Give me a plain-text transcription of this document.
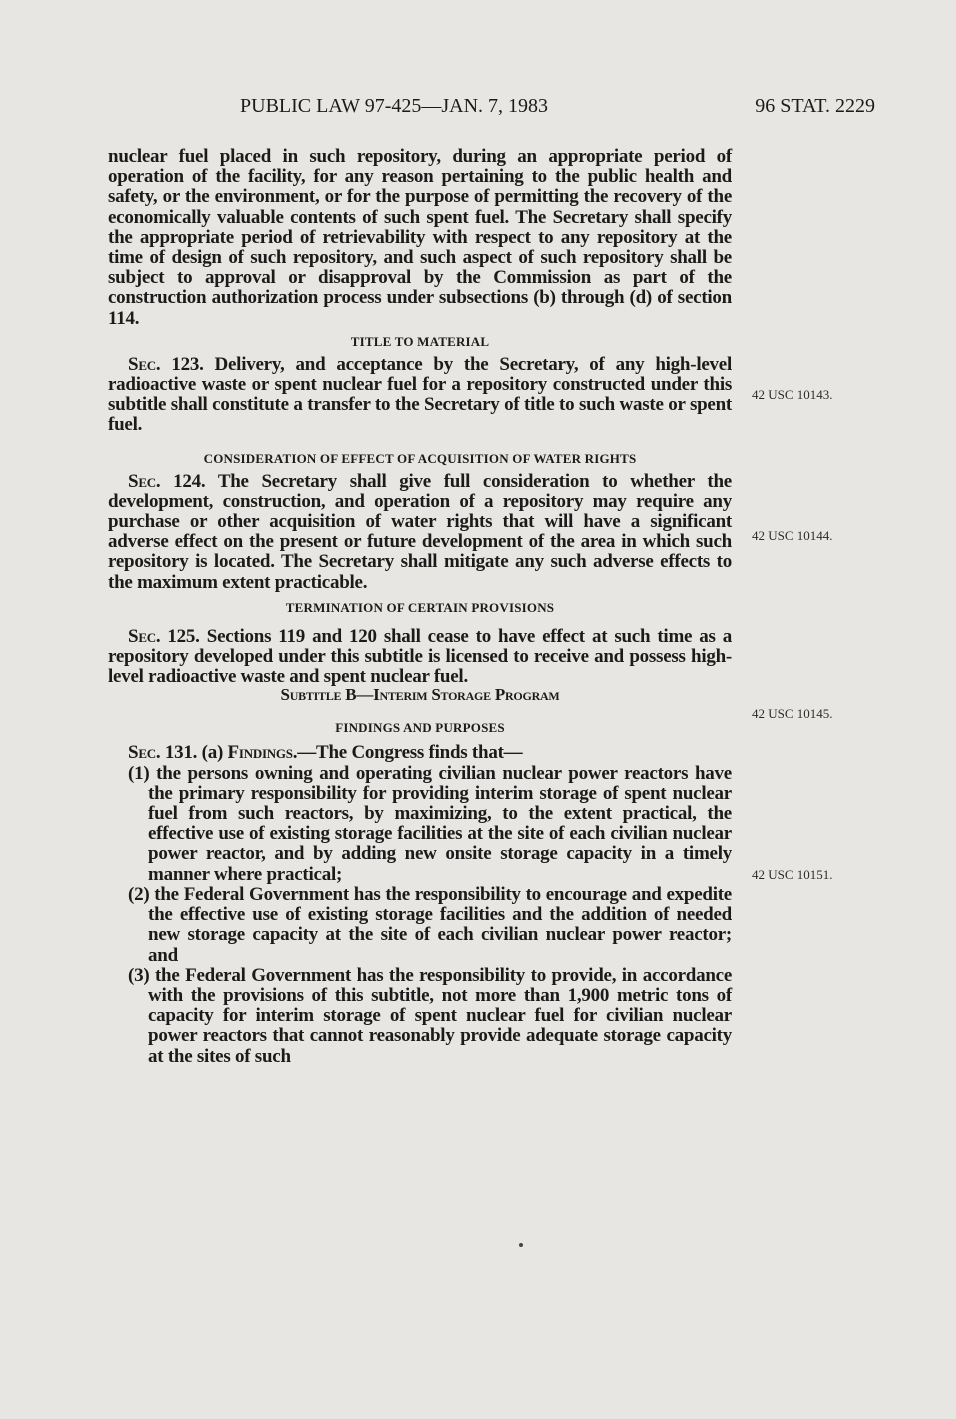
PUBLIC LAW 97-425—JAN. 7, 1983	96 STAT. 2229

nuclear fuel placed in such repository, during an appropriate period of operation of the facility, for any reason pertaining to the public health and safety, or the environment, or for the purpose of permitting the recovery of the economically valuable contents of such spent fuel. The Secretary shall specify the appropriate period of retrievability with respect to any repository at the time of design of such repository, and such aspect of such repository shall be subject to approval or disapproval by the Commission as part of the construction authorization process under subsections (b) through (d) of section 114.

TITLE TO MATERIAL

Sec. 123. Delivery, and acceptance by the Secretary, of any high-level radioactive waste or spent nuclear fuel for a repository constructed under this subtitle shall constitute a transfer to the Secretary of title to such waste or spent fuel.

CONSIDERATION OF EFFECT OF ACQUISITION OF WATER RIGHTS

Sec. 124. The Secretary shall give full consideration to whether the development, construction, and operation of a repository may require any purchase or other acquisition of water rights that will have a significant adverse effect on the present or future development of the area in which such repository is located. The Secretary shall mitigate any such adverse effects to the maximum extent practicable.

TERMINATION OF CERTAIN PROVISIONS

Sec. 125. Sections 119 and 120 shall cease to have effect at such time as a repository developed under this subtitle is licensed to receive and possess high-level radioactive waste and spent nuclear fuel.

Subtitle B—Interim Storage Program
FINDINGS AND PURPOSES

Sec. 131. (a) Findings.—The Congress finds that—

(1) the persons owning and operating civilian nuclear power reactors have the primary responsibility for providing interim storage of spent nuclear fuel from such reactors, by maximizing, to the extent practical, the effective use of existing storage facilities at the site of each civilian nuclear power reactor, and by adding new onsite storage capacity in a timely manner where practical;

(2) the Federal Government has the responsibility to encourage and expedite the effective use of existing storage facilities and the addition of needed new storage capacity at the site of each civilian nuclear power reactor; and

(3) the Federal Government has the responsibility to provide, in accordance with the provisions of this subtitle, not more than 1,900 metric tons of capacity for interim storage of spent nuclear fuel for civilian nuclear power reactors that cannot reasonably provide adequate storage capacity at the sites of such

42 USC 10143.
42 USC 10144.
42 USC 10145.
42 USC 10151.
